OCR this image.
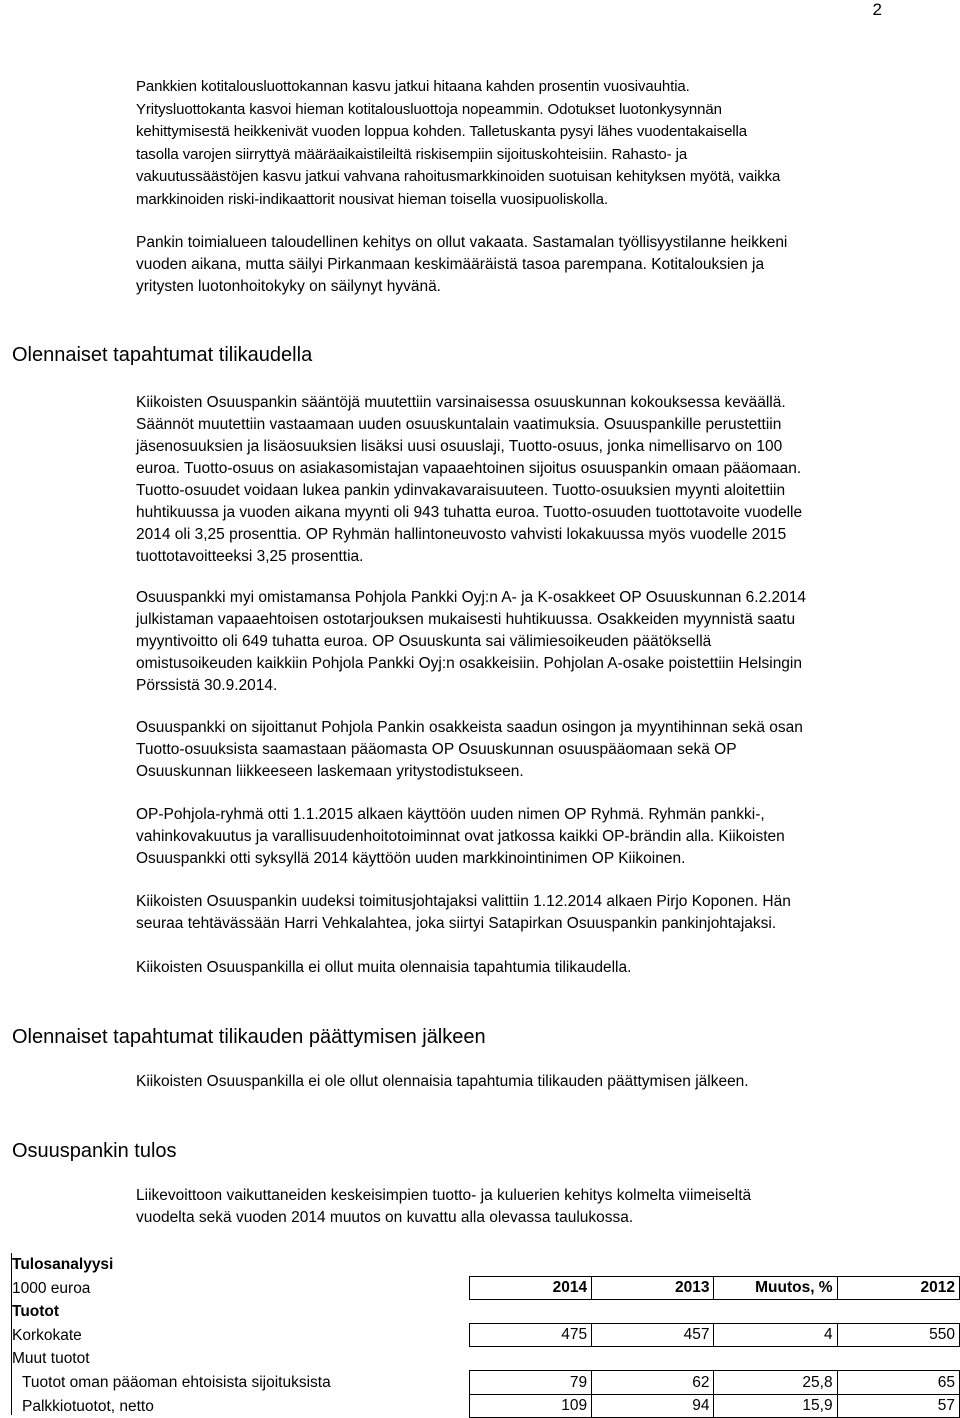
2
Pankkien kotitalousluottokannan kasvu jatkui hitaana kahden prosentin vuosivauhtia.
Yritysluottokanta kasvoi hieman kotitalousluottoja nopeammin. Odotukset luotonkysynnän
kehittymisestä heikkenivät vuoden loppua kohden. Talletuskanta pysyi lähes vuodentakaisella
tasolla varojen siirryttyä määräaikaistileiltä riskisempiin sijoituskohteisiin. Rahasto- ja
vakuutussäästöjen kasvu jatkui vahvana rahoitusmarkkinoiden suotuisan kehityksen myötä, vaikka
markkinoiden riski-indikaattorit nousivat hieman toisella vuosipuoliskolla.
Pankin toimialueen taloudellinen kehitys on ollut vakaata. Sastamalan työllisyystilanne heikkeni
vuoden aikana, mutta säilyi Pirkanmaan keskimääräistä tasoa parempana. Kotitalouksien ja
yritysten luotonhoitokyky on säilynyt hyvänä.
Olennaiset tapahtumat tilikaudella
Kiikoisten Osuuspankin sääntöjä muutettiin varsinaisessa osuuskunnan kokouksessa keväällä.
Säännöt muutettiin vastaamaan uuden osuuskuntalain vaatimuksia. Osuuspankille perustettiin
jäsenosuuksien ja lisäosuuksien lisäksi uusi osuuslaji, Tuotto-osuus, jonka nimellisarvo on 100
euroa. Tuotto-osuus on asiakasomistajan vapaaehtoinen sijoitus osuuspankin omaan pääomaan.
Tuotto-osuudet voidaan lukea pankin ydinvakavaraisuuteen. Tuotto-osuuksien myynti aloitettiin
huhtikuussa ja vuoden aikana myynti oli 943 tuhatta euroa. Tuotto-osuuden tuottotavoite vuodelle
2014 oli 3,25 prosenttia. OP Ryhmän hallintoneuvosto vahvisti lokakuussa myös vuodelle 2015
tuottotavoitteeksi 3,25 prosenttia.
Osuuspankki myi omistamansa Pohjola Pankki Oyj:n A- ja K-osakkeet OP Osuuskunnan 6.2.2014
julkistaman vapaaehtoisen ostotarjouksen mukaisesti huhtikuussa. Osakkeiden myynnistä saatu
myyntivoitto oli 649 tuhatta euroa. OP Osuuskunta sai välimiesoikeuden päätöksellä
omistusoikeuden kaikkiin Pohjola Pankki Oyj:n osakkeisiin. Pohjolan A-osake poistettiin Helsingin
Pörssistä 30.9.2014.
Osuuspankki on sijoittanut Pohjola Pankin osakkeista saadun osingon ja myyntihinnan sekä osan
Tuotto-osuuksista saamastaan pääomasta OP Osuuskunnan osuuspääomaan sekä OP
Osuuskunnan liikkeeseen laskemaan yritystodistukseen.
OP-Pohjola-ryhmä otti 1.1.2015 alkaen käyttöön uuden nimen OP Ryhmä. Ryhmän pankki-,
vahinkovakuutus ja varallisuudenhoitotoiminnat ovat jatkossa kaikki OP-brändin alla. Kiikoisten
Osuuspankki otti syksyllä 2014 käyttöön uuden markkinointinimen OP Kiikoinen.
Kiikoisten Osuuspankin uudeksi toimitusjohtajaksi valittiin 1.12.2014 alkaen Pirjo Koponen. Hän
seuraa tehtävässään Harri Vehkalahtea, joka siirtyi Satapirkan Osuuspankin pankinjohtajaksi.
Kiikoisten Osuuspankilla ei ollut muita olennaisia tapahtumia tilikaudella.
Olennaiset tapahtumat tilikauden päättymisen jälkeen
Kiikoisten Osuuspankilla ei ole ollut olennaisia tapahtumia tilikauden päättymisen jälkeen.
Osuuspankin tulos
Liikevoittoon vaikuttaneiden keskeisimpien tuotto- ja kuluerien kehitys kolmelta viimeiseltä
vuodelta sekä vuoden 2014 muutos on kuvattu alla olevassa taulukossa.
Tulosanalyysi				
1000 euroa	2014	2013	Muutos, %	2012
Tuotot				
Korkokate	475	457	4	550
Muut tuotot				
Tuotot oman pääoman ehtoisista sijoituksista	79	62	25,8	65
Palkkiotuotot, netto	109	94	15,9	57
